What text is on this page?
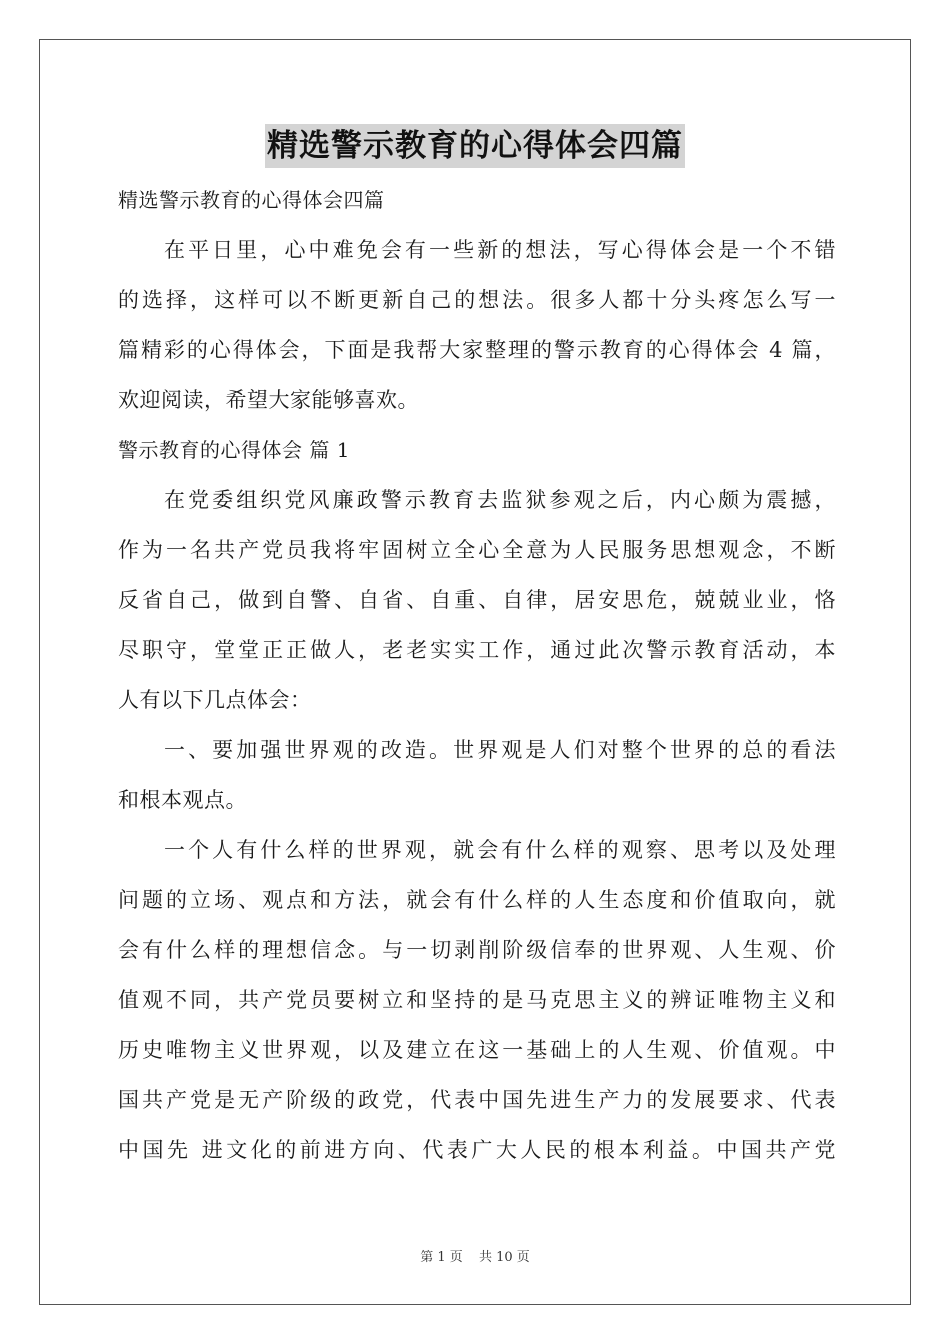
精选警示教育的心得体会四篇
精选警示教育的心得体会四篇
在平日里，心中难免会有一些新的想法，写心得体会是一个不错
的选择，这样可以不断更新自己的想法。很多人都十分头疼怎么写一
篇精彩的心得体会，下面是我帮大家整理的警示教育的心得体会 4 篇，
欢迎阅读，希望大家能够喜欢。
警示教育的心得体会 篇 1
在党委组织党风廉政警示教育去监狱参观之后，内心颇为震撼，
作为一名共产党员我将牢固树立全心全意为人民服务思想观念，不断
反省自己，做到自警、自省、自重、自律，居安思危，兢兢业业，恪
尽职守，堂堂正正做人，老老实实工作，通过此次警示教育活动，本
人有以下几点体会：
一、要加强世界观的改造。世界观是人们对整个世界的总的看法
和根本观点。
一个人有什么样的世界观，就会有什么样的观察、思考以及处理
问题的立场、观点和方法，就会有什么样的人生态度和价值取向，就
会有什么样的理想信念。与一切剥削阶级信奉的世界观、人生观、价
值观不同，共产党员要树立和坚持的是马克思主义的辨证唯物主义和
历史唯物主义世界观，以及建立在这一基础上的人生观、价值观。中
国共产党是无产阶级的政党，代表中国先进生产力的发展要求、代表
中国先 进文化的前进方向、代表广大人民的根本利益。中国共产党
第 1 页 共 10 页
